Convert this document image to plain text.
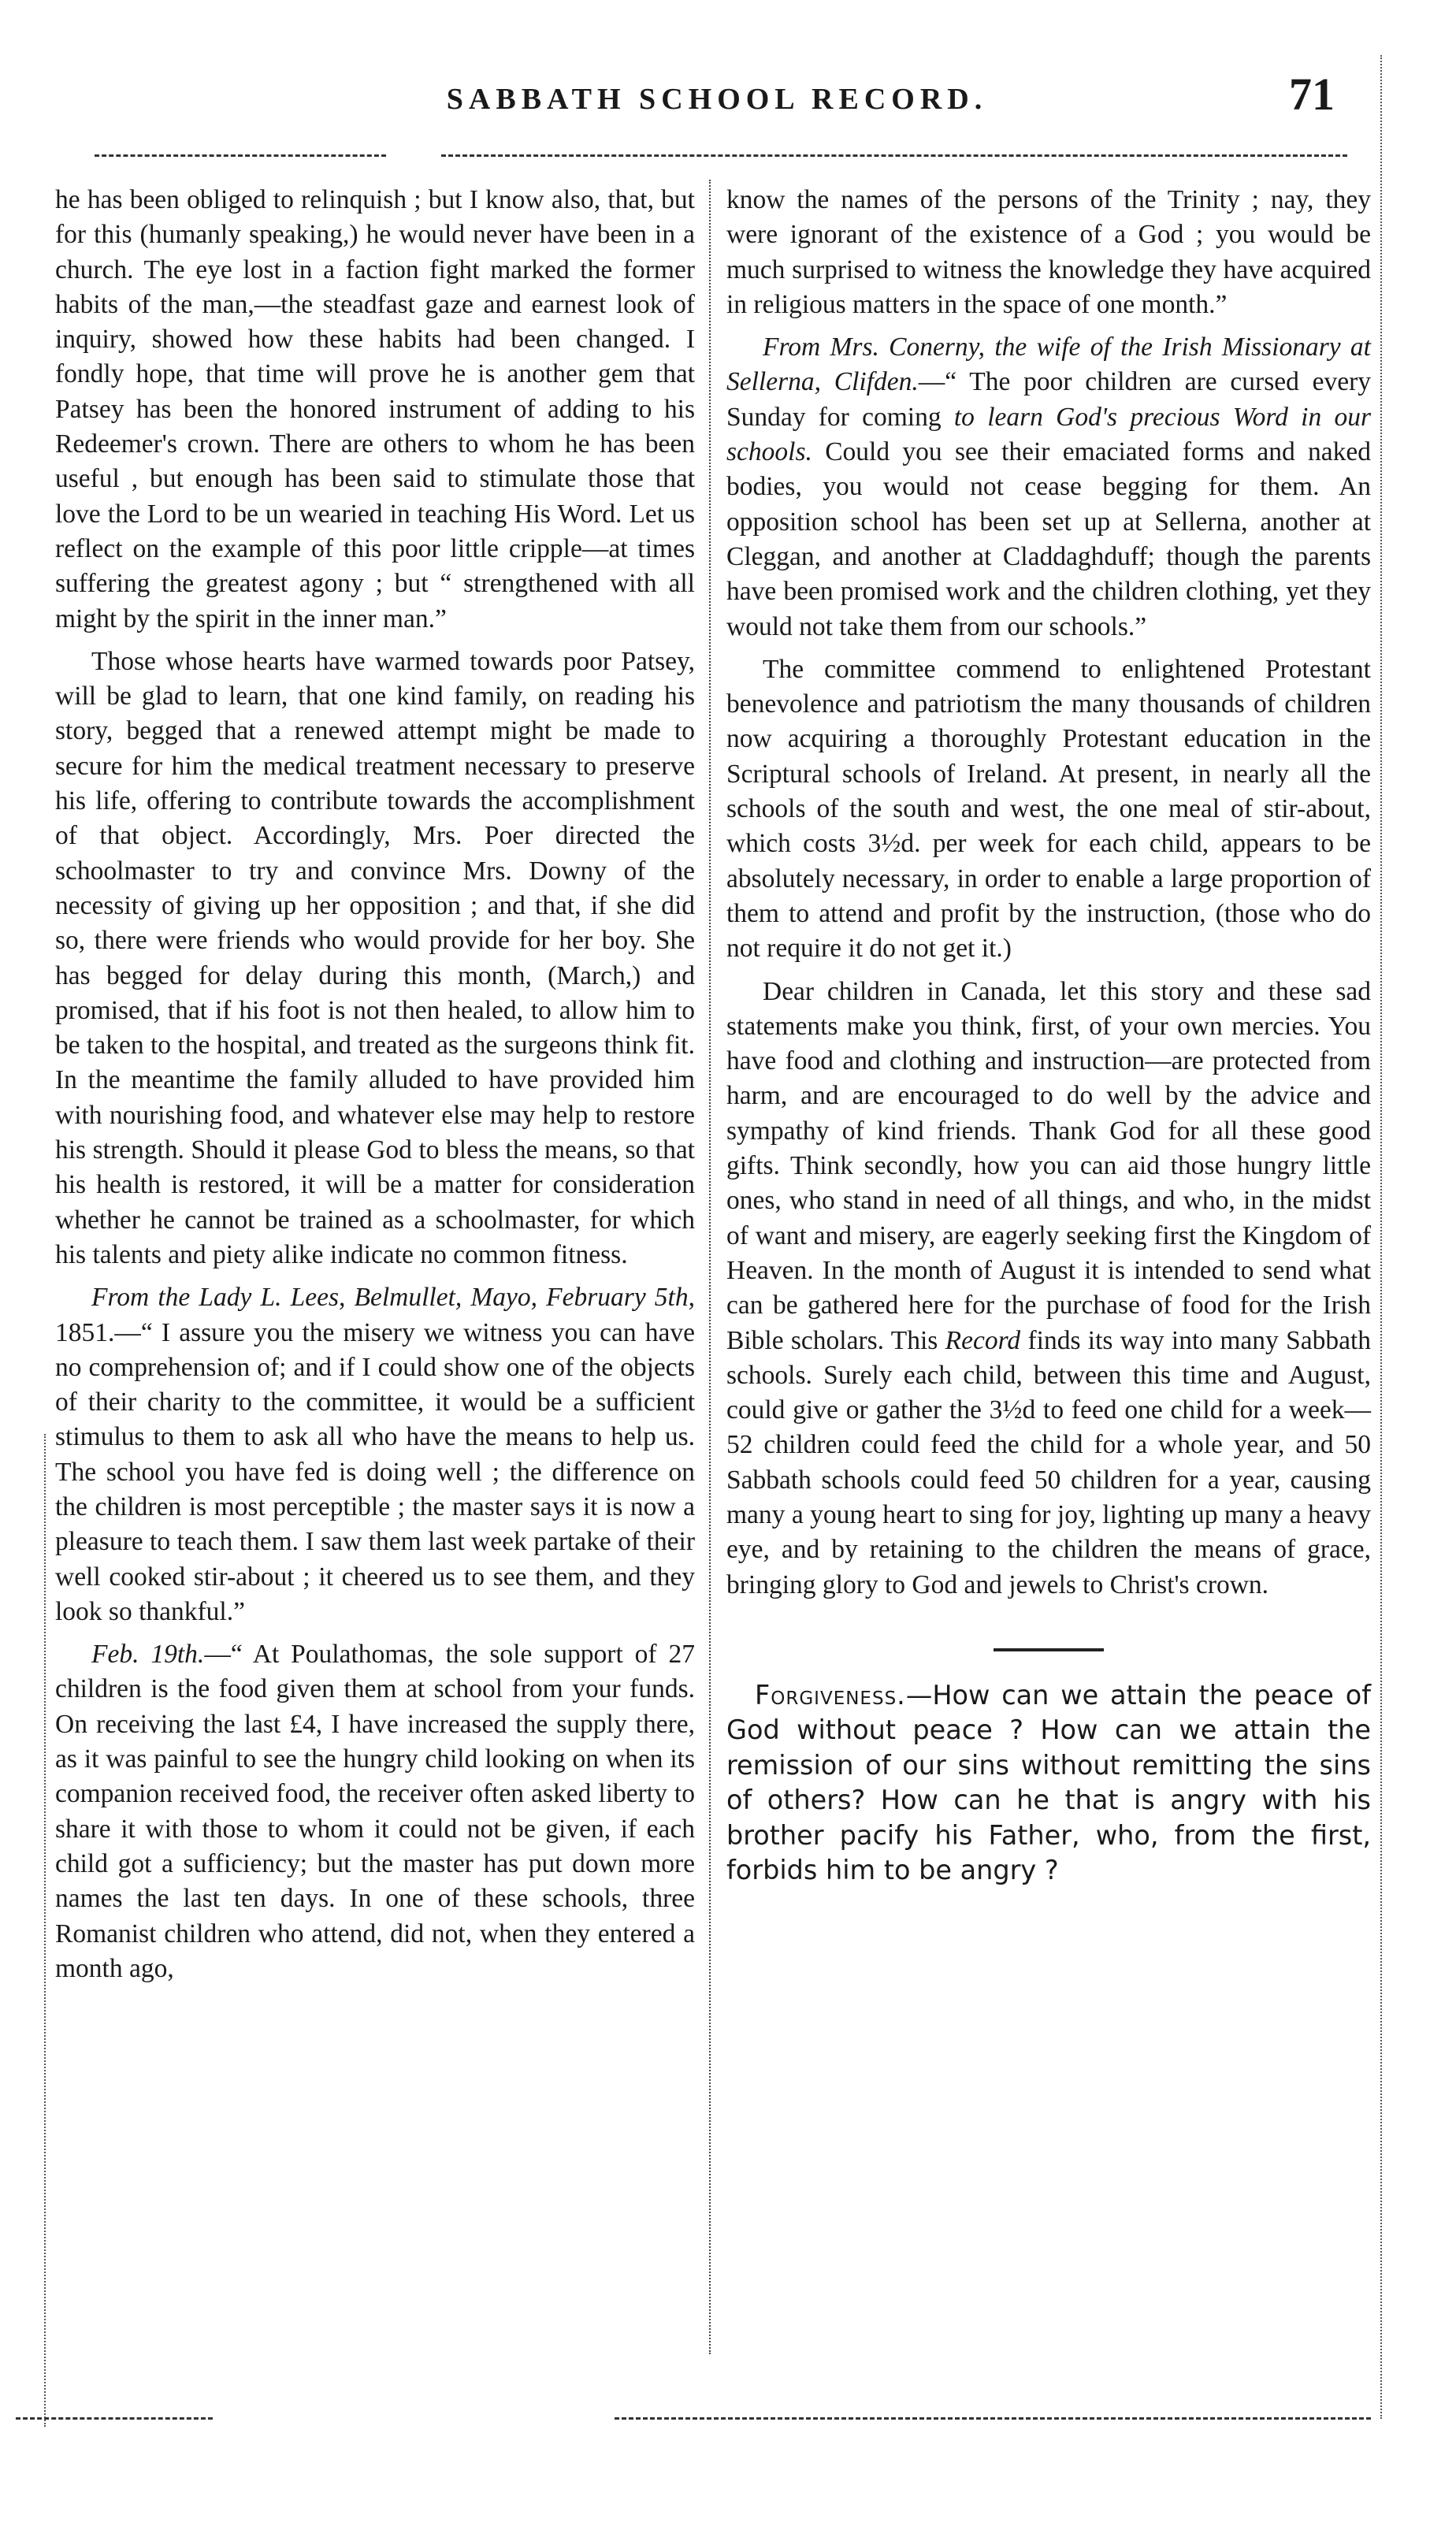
SABBATH SCHOOL RECORD.	71

he has been obliged to relinquish ; but I know also, that, but for this (humanly speaking,) he would never have been in a church. The eye lost in a faction fight marked the former habits of the man,—the steadfast gaze and earnest look of inquiry, showed how these habits had been changed. I fondly hope, that time will prove he is another gem that Patsey has been the honored instrument of adding to his Redeemer's crown. There are others to whom he has been useful , but enough has been said to stimulate those that love the Lord to be un wearied in teaching His Word. Let us reflect on the example of this poor little cripple—at times suffering the greatest agony ; but “ strengthened with all might by the spirit in the inner man.”

Those whose hearts have warmed towards poor Patsey, will be glad to learn, that one kind family, on reading his story, begged that a renewed attempt might be made to secure for him the medical treatment necessary to preserve his life, offering to contribute towards the accomplishment of that object. Accordingly, Mrs. Poer directed the schoolmaster to try and convince Mrs. Downy of the necessity of giving up her opposition ; and that, if she did so, there were friends who would provide for her boy. She has begged for delay during this month, (March,) and promised, that if his foot is not then healed, to allow him to be taken to the hospital, and treated as the surgeons think fit. In the meantime the family alluded to have provided him with nourishing food, and whatever else may help to restore his strength. Should it please God to bless the means, so that his health is restored, it will be a matter for consideration whether he cannot be trained as a schoolmaster, for which his talents and piety alike indicate no common fitness.

From the Lady L. Lees, Belmullet, Mayo, February 5th, 1851.—“ I assure you the misery we witness you can have no comprehension of; and if I could show one of the objects of their charity to the committee, it would be a sufficient stimulus to them to ask all who have the means to help us. The school you have fed is doing well ; the difference on the children is most perceptible ; the master says it is now a pleasure to teach them. I saw them last week partake of their well cooked stir-about ; it cheered us to see them, and they look so thankful.”

Feb. 19th.—“ At Poulathomas, the sole support of 27 children is the food given them at school from your funds. On receiving the last £4, I have increased the supply there, as it was painful to see the hungry child looking on when its companion received food, the receiver often asked liberty to share it with those to whom it could not be given, if each child got a sufficiency; but the master has put down more names the last ten days. In one of these schools, three Romanist children who attend, did not, when they entered a month ago,

know the names of the persons of the Trinity ; nay, they were ignorant of the existence of a God ; you would be much surprised to witness the knowledge they have acquired in religious matters in the space of one month.”

From Mrs. Conerny, the wife of the Irish Missionary at Sellerna, Clifden.—“ The poor children are cursed every Sunday for coming to learn God's precious Word in our schools. Could you see their emaciated forms and naked bodies, you would not cease begging for them. An opposition school has been set up at Sellerna, another at Cleggan, and another at Claddaghduff; though the parents have been promised work and the children clothing, yet they would not take them from our schools.”

The committee commend to enlightened Protestant benevolence and patriotism the many thousands of children now acquiring a thoroughly Protestant education in the Scriptural schools of Ireland. At present, in nearly all the schools of the south and west, the one meal of stir-about, which costs 3½d. per week for each child, appears to be absolutely necessary, in order to enable a large proportion of them to attend and profit by the instruction, (those who do not require it do not get it.)

Dear children in Canada, let this story and these sad statements make you think, first, of your own mercies. You have food and clothing and instruction—are protected from harm, and are encouraged to do well by the advice and sympathy of kind friends. Thank God for all these good gifts. Think secondly, how you can aid those hungry little ones, who stand in need of all things, and who, in the midst of want and misery, are eagerly seeking first the Kingdom of Heaven. In the month of August it is intended to send what can be gathered here for the purchase of food for the Irish Bible scholars. This Record finds its way into many Sabbath schools. Surely each child, between this time and August, could give or gather the 3½d to feed one child for a week—52 children could feed the child for a whole year, and 50 Sabbath schools could feed 50 children for a year, causing many a young heart to sing for joy, lighting up many a heavy eye, and by retaining to the children the means of grace, bringing glory to God and jewels to Christ's crown.

Forgiveness.—How can we attain the peace of God without peace ? How can we attain the remission of our sins without remitting the sins of others? How can he that is angry with his brother pacify his Father, who, from the first, forbids him to be angry ?
